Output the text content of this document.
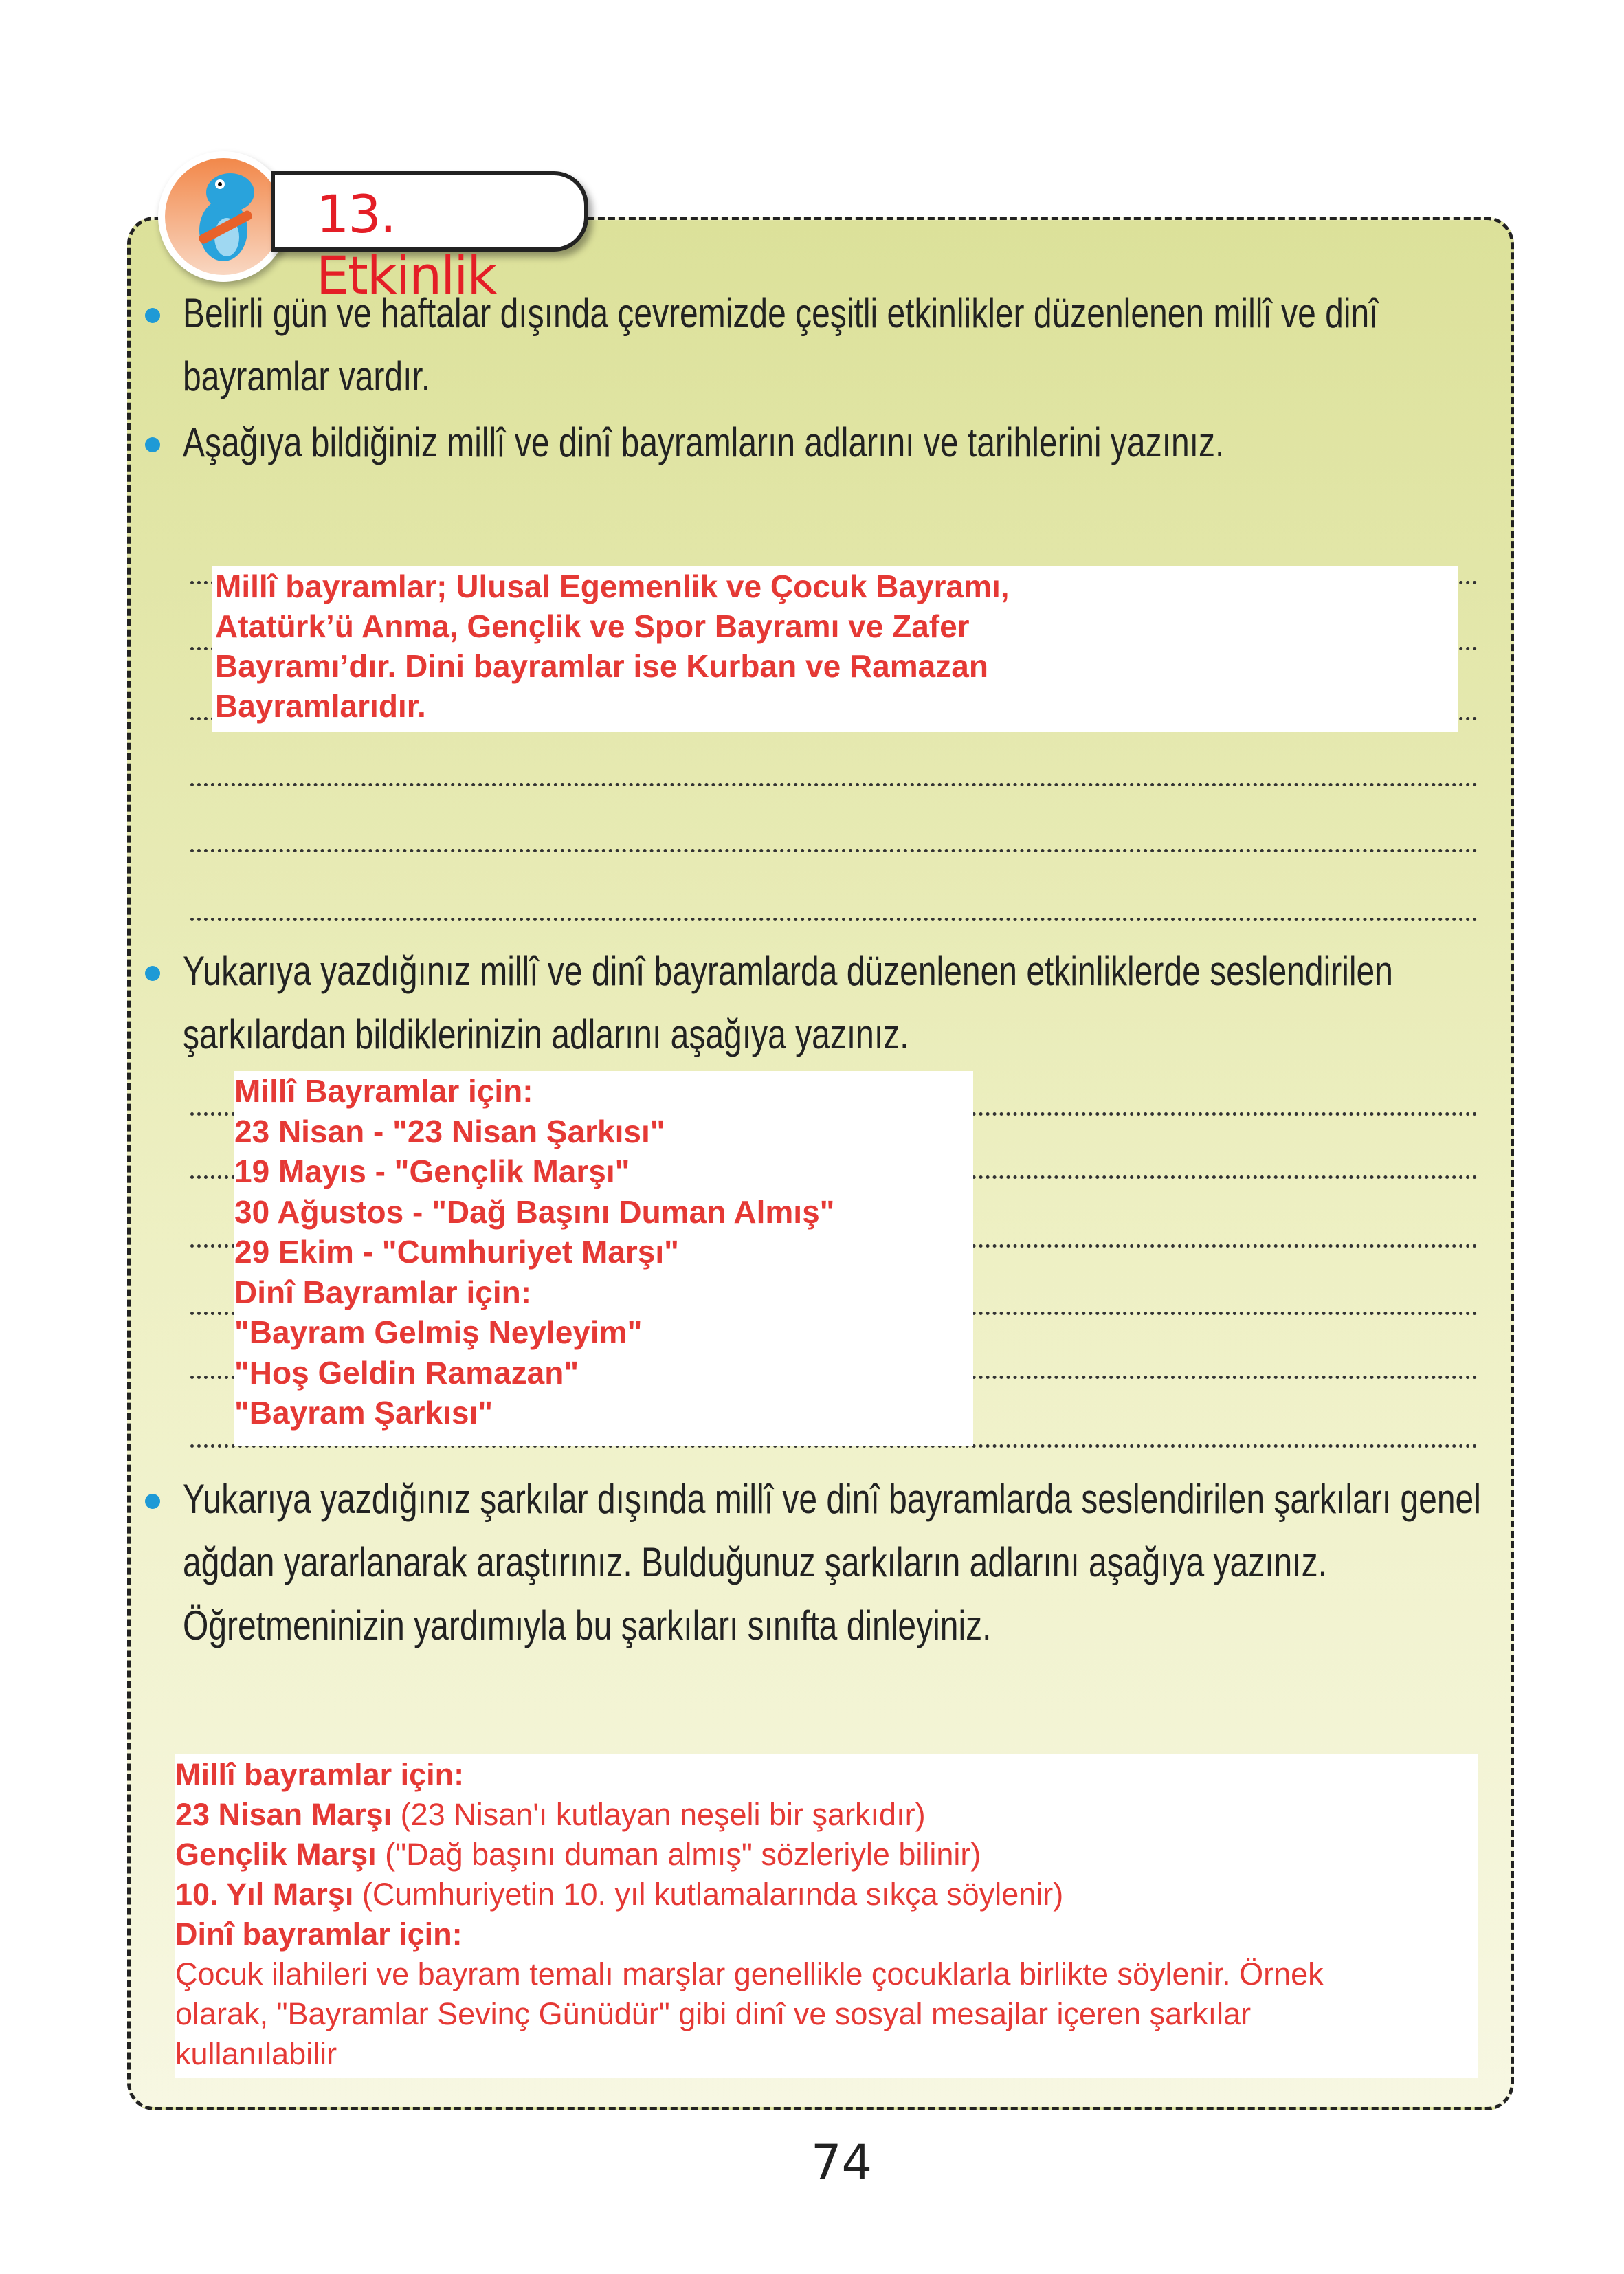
13. Etkinlik
Belirli gün ve haftalar dışında çevremizde çeşitli etkinlikler düzenlenen millî ve dinî bayramlar vardır.
Aşağıya bildiğiniz millî ve dinî bayramların adlarını ve tarihlerini yazınız.
Millî bayramlar; Ulusal Egemenlik ve Çocuk Bayramı,
Atatürk’ü Anma, Gençlik ve Spor Bayramı ve Zafer
Bayramı’dır. Dini bayramlar ise Kurban ve Ramazan
Bayramlarıdır.
Yukarıya yazdığınız millî ve dinî bayramlarda düzenlenen etkinliklerde seslendirilen şarkılardan bildiklerinizin adlarını aşağıya yazınız.
Millî Bayramlar için:
23 Nisan - "23 Nisan Şarkısı"
19 Mayıs - "Gençlik Marşı"
30 Ağustos - "Dağ Başını Duman Almış"
29 Ekim - "Cumhuriyet Marşı"
Dinî Bayramlar için:
"Bayram Gelmiş Neyleyim"
"Hoş Geldin Ramazan"
"Bayram Şarkısı"
Yukarıya yazdığınız şarkılar dışında millî ve dinî bayramlarda seslendirilen şarkıları genel ağdan yararlanarak araştırınız. Bulduğunuz şarkıların adlarını aşağıya yazınız. Öğretmeninizin yardımıyla bu şarkıları sınıfta dinleyiniz.
Millî bayramlar için:
23 Nisan Marşı (23 Nisan'ı kutlayan neşeli bir şarkıdır)
Gençlik Marşı ("Dağ başını duman almış" sözleriyle bilinir)
10. Yıl Marşı (Cumhuriyetin 10. yıl kutlamalarında sıkça söylenir)
Dinî bayramlar için:
Çocuk ilahileri ve bayram temalı marşlar genellikle çocuklarla birlikte söylenir. Örnek
olarak, "Bayramlar Sevinç Günüdür" gibi dinî ve sosyal mesajlar içeren şarkılar
kullanılabilir
74
